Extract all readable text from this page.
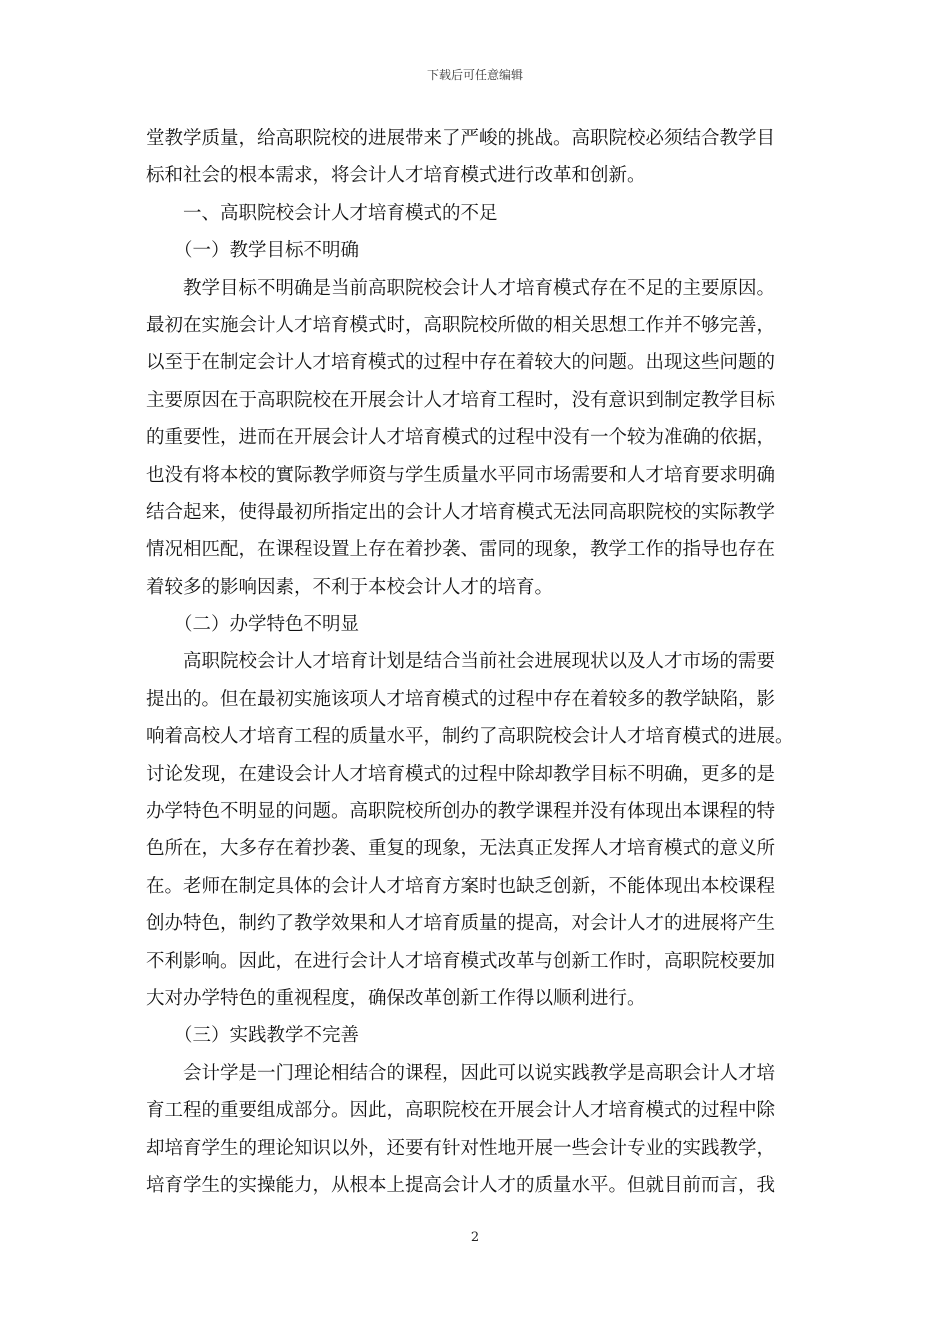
下载后可任意编辑
堂教学质量，给高职院校的进展带来了严峻的挑战。高职院校必须结合教学目
标和社会的根本需求，将会计人才培育模式进行改革和创新。
一、高职院校会计人才培育模式的不足
（一）教学目标不明确
教学目标不明确是当前高职院校会计人才培育模式存在不足的主要原因。
最初在实施会计人才培育模式时，高职院校所做的相关思想工作并不够完善，
以至于在制定会计人才培育模式的过程中存在着较大的问题。出现这些问题的
主要原因在于高职院校在开展会计人才培育工程时，没有意识到制定教学目标
的重要性，进而在开展会计人才培育模式的过程中没有一个较为准确的依据，
也没有将本校的實际教学师资与学生质量水平同市场需要和人才培育要求明确
结合起来，使得最初所指定出的会计人才培育模式无法同高职院校的实际教学
情况相匹配，在课程设置上存在着抄袭、雷同的现象，教学工作的指导也存在
着较多的影响因素，不利于本校会计人才的培育。
（二）办学特色不明显
高职院校会计人才培育计划是结合当前社会进展现状以及人才市场的需要
提出的。但在最初实施该项人才培育模式的过程中存在着较多的教学缺陷，影
响着高校人才培育工程的质量水平，制约了高职院校会计人才培育模式的进展。
讨论发现，在建设会计人才培育模式的过程中除却教学目标不明确，更多的是
办学特色不明显的问题。高职院校所创办的教学课程并没有体现出本课程的特
色所在，大多存在着抄袭、重复的现象，无法真正发挥人才培育模式的意义所
在。老师在制定具体的会计人才培育方案时也缺乏创新，不能体现出本校课程
创办特色，制约了教学效果和人才培育质量的提高，对会计人才的进展将产生
不利影响。因此，在进行会计人才培育模式改革与创新工作时，高职院校要加
大对办学特色的重视程度，确保改革创新工作得以顺利进行。
（三）实践教学不完善
会计学是一门理论相结合的课程，因此可以说实践教学是高职会计人才培
育工程的重要组成部分。因此，高职院校在开展会计人才培育模式的过程中除
却培育学生的理论知识以外，还要有针对性地开展一些会计专业的实践教学，
培育学生的实操能力，从根本上提高会计人才的质量水平。但就目前而言，我
2
